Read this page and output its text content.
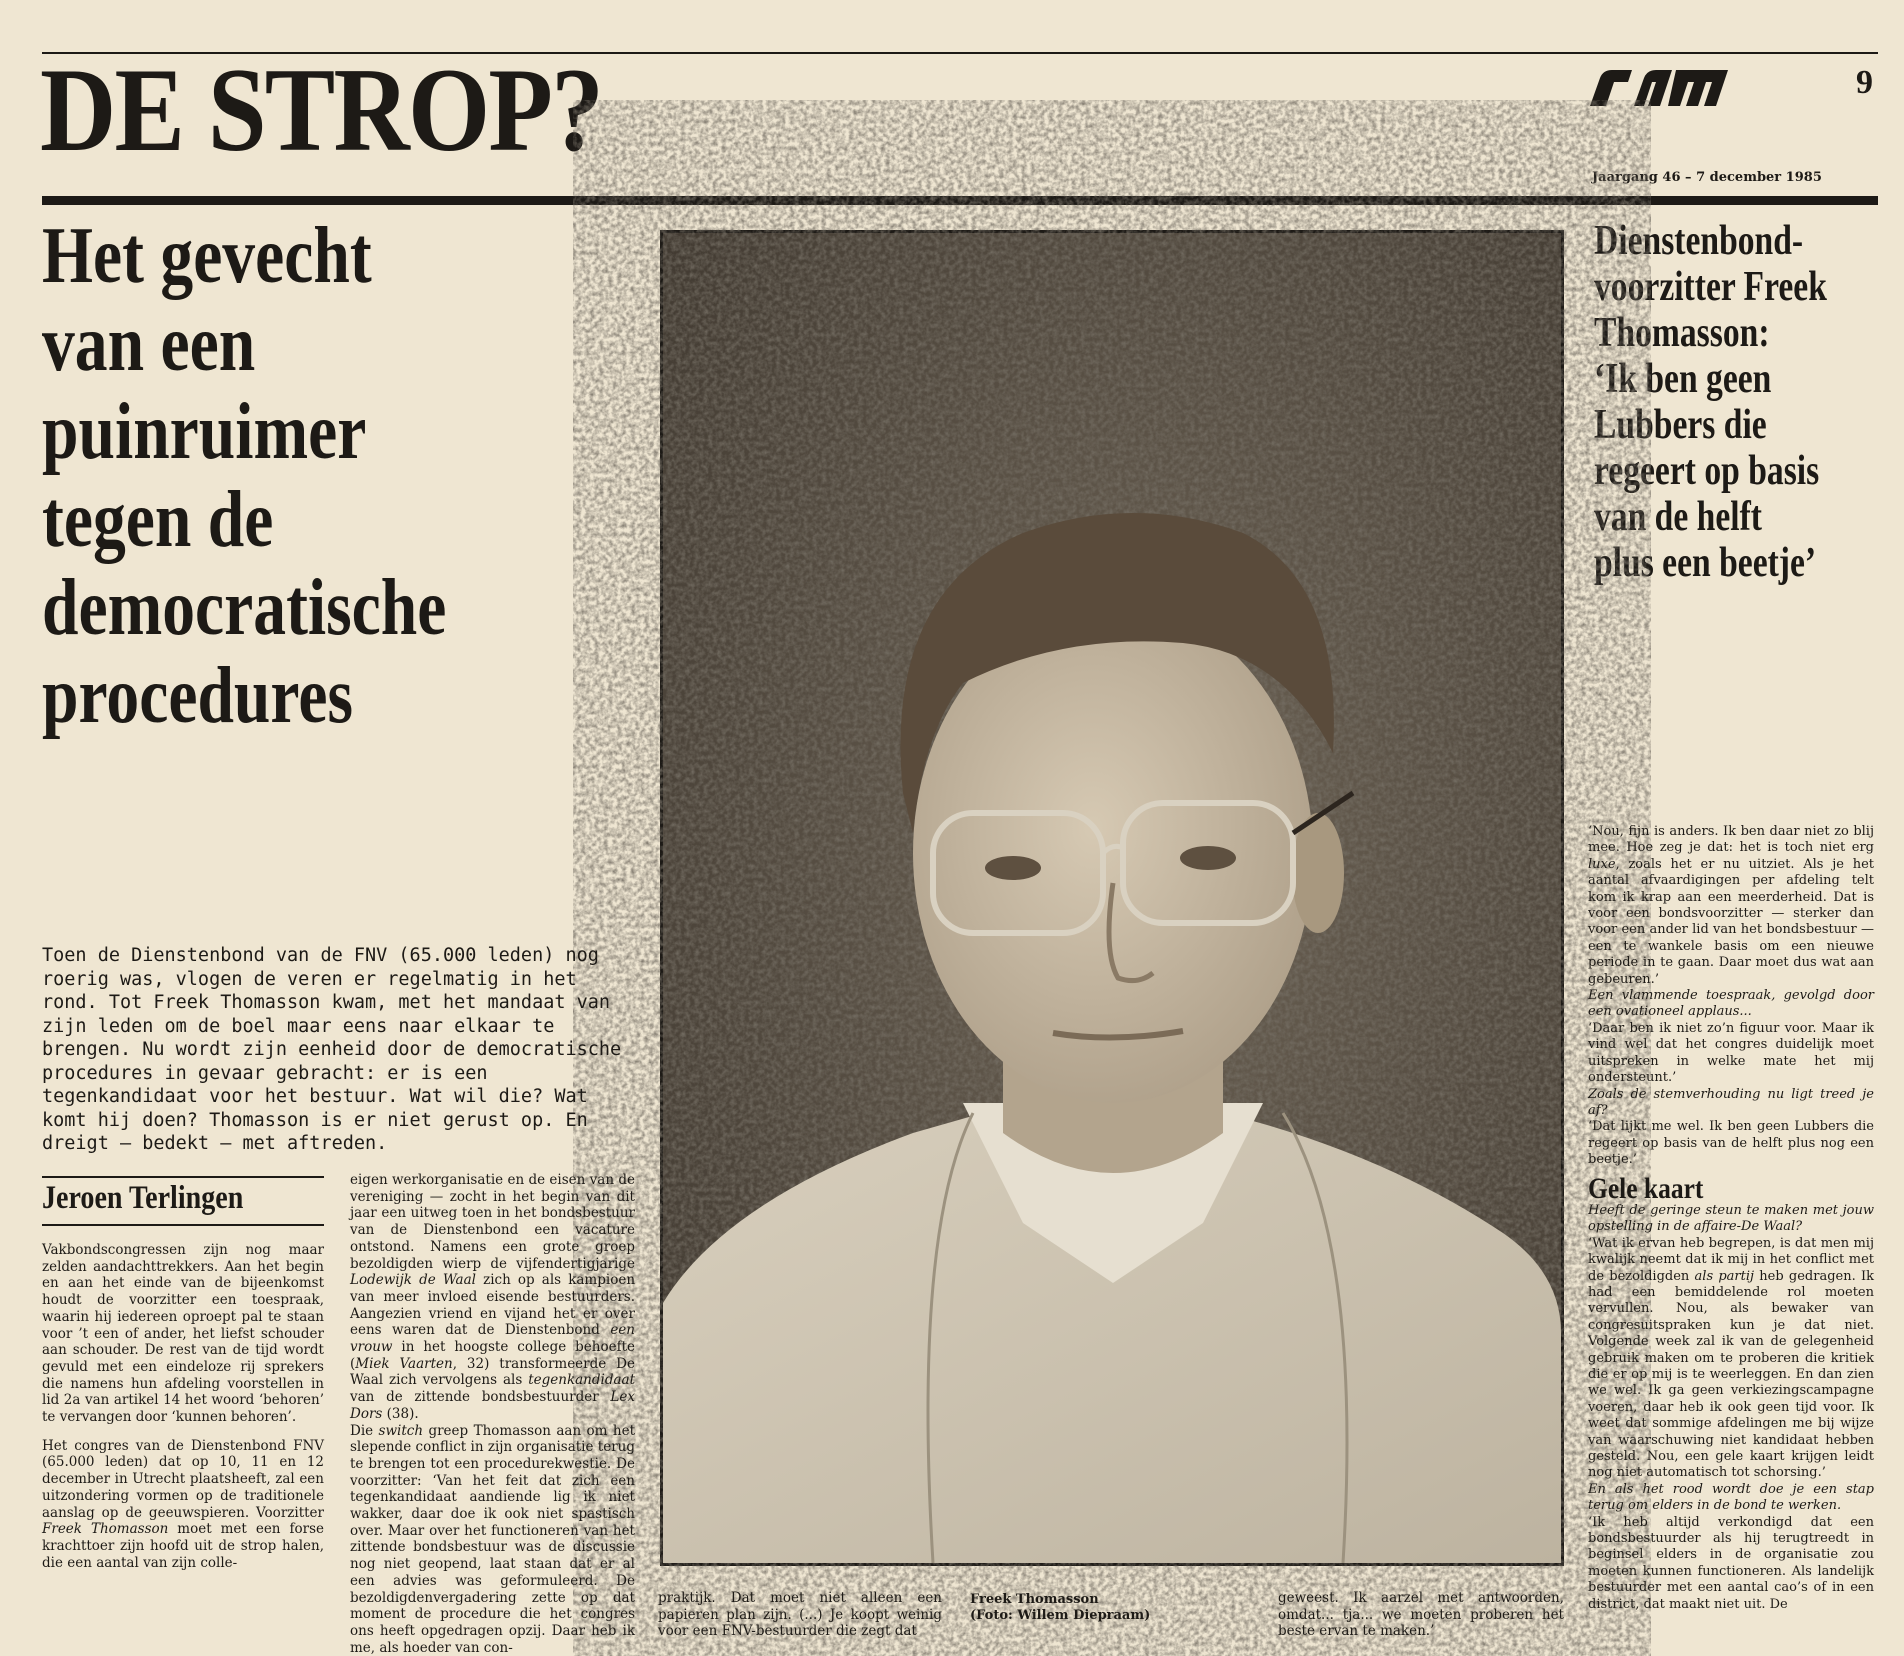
DE STROP?	9
Jaargang 46 – 7 december 1985
Het gevecht
van een
puinruimer
tegen de
democratische
procedures
Dienstenbond-
voorzitter Freek
Thomasson:
‘Ik ben geen
Lubbers die
regeert op basis
van de helft
plus een beetje’
Freek Thomasson
(Foto: Willem Diepraam)

Toen de Dienstenbond van de FNV (65.000 leden) nog roerig was, vlogen de veren er regelmatig in het rond. Tot Freek Thomasson kwam, met het mandaat van zijn leden om de boel maar eens naar elkaar te brengen. Nu wordt zijn eenheid door de democratische procedures in gevaar gebracht: er is een tegenkandidaat voor het bestuur. Wat wil die? Wat komt hij doen? Thomasson is er niet gerust op. En dreigt — bedekt — met aftreden.

Jeroen Terlingen

Vakbondscongressen zijn nog maar zelden aandachttrekkers. Aan het begin en aan het einde van de bijeenkomst houdt de voorzitter een toespraak, waarin hij iedereen oproept pal te staan voor ’t een of ander, het liefst schouder aan schouder. De rest van de tijd wordt gevuld met een eindeloze rij sprekers die namens hun afdeling voorstellen in lid 2a van artikel 14 het woord ‘behoren’ te vervangen door ‘kunnen behoren’.

Het congres van de Dienstenbond FNV (65.000 leden) dat op 10, 11 en 12 december in Utrecht plaatsheeft, zal een uitzondering vormen op de traditionele aanslag op de geeuwspieren. Voorzitter Freek Thomasson moet met een forse krachttoer zijn hoofd uit de strop halen, die een aantal van zijn colle-

eigen werkorganisatie en de eisen van de vereniging — zocht in het begin van dit jaar een uitweg toen in het bondsbestuur van de Dienstenbond een vacature ontstond. Namens een grote groep bezoldigden wierp de vijfendertigjarige Lodewijk de Waal zich op als kampioen van meer invloed eisende bestuurders. Aangezien vriend en vijand het er over eens waren dat de Dienstenbond een vrouw in het hoogste college behoefte (Miek Vaarten, 32) transformeerde De Waal zich vervolgens als tegenkandidaat van de zittende bondsbestuurder Lex Dors (38).

Die switch greep Thomasson aan om het slepende conflict in zijn organisatie terug te brengen tot een procedurekwestie. De voorzitter: ‘Van het feit dat zich een tegenkandidaat aandiende lig ik niet wakker, daar doe ik ook niet spastisch over. Maar over het functioneren van het zittende bondsbestuur was de discussie nog niet geopend, laat staan dat er al een advies was geformuleerd. De bezoldigdenvergadering zette op dat moment de procedure die het congres ons heeft opgedragen opzij. Daar heb ik me, als hoeder van con-

praktijk. Dat moet niet alleen een papieren plan zijn. (...) Je koopt weinig voor een FNV-bestuurder die zegt dat

geweest. Ik aarzel met antwoorden, omdat... tja... we moeten proberen het beste ervan te maken.’

‘Nou, fijn is anders. Ik ben daar niet zo blij mee. Hoe zeg je dat: het is toch niet erg luxe, zoals het er nu uitziet. Als je het aantal afvaardigingen per afdeling telt kom ik krap aan een meerderheid. Dat is voor een bondsvoorzitter — sterker dan voor een ander lid van het bondsbestuur — een te wankele basis om een nieuwe periode in te gaan. Daar moet dus wat aan gebeuren.’

Een vlammende toespraak, gevolgd door een ovationeel applaus...

‘Daar ben ik niet zo’n figuur voor. Maar ik vind wel dat het congres duidelijk moet uitspreken in welke mate het mij ondersteunt.’

Zoals de stemverhouding nu ligt treed je af?

‘Dat lijkt me wel. Ik ben geen Lubbers die regeert op basis van de helft plus nog een beetje.’

Gele kaart

Heeft de geringe steun te maken met jouw opstelling in de affaire-De Waal?

‘Wat ik ervan heb begrepen, is dat men mij kwalijk neemt dat ik mij in het conflict met de bezoldigden als partij heb gedragen. Ik had een bemiddelende rol moeten vervullen. Nou, als bewaker van congresuitspraken kun je dat niet. Volgende week zal ik van de gelegenheid gebruik maken om te proberen die kritiek die er op mij is te weerleggen. En dan zien we wel. Ik ga geen verkiezingscampagne voeren, daar heb ik ook geen tijd voor. Ik weet dat sommige afdelingen me bij wijze van waarschuwing niet kandidaat hebben gesteld. Nou, een gele kaart krijgen leidt nog niet automatisch tot schorsing.’

En als het rood wordt doe je een stap terug om elders in de bond te werken.

‘Ik heb altijd verkondigd dat een bondsbestuurder als hij terugtreedt in beginsel elders in de organisatie zou moeten kunnen functioneren. Als landelijk bestuurder met een aantal cao’s of in een district, dat maakt niet uit. De
